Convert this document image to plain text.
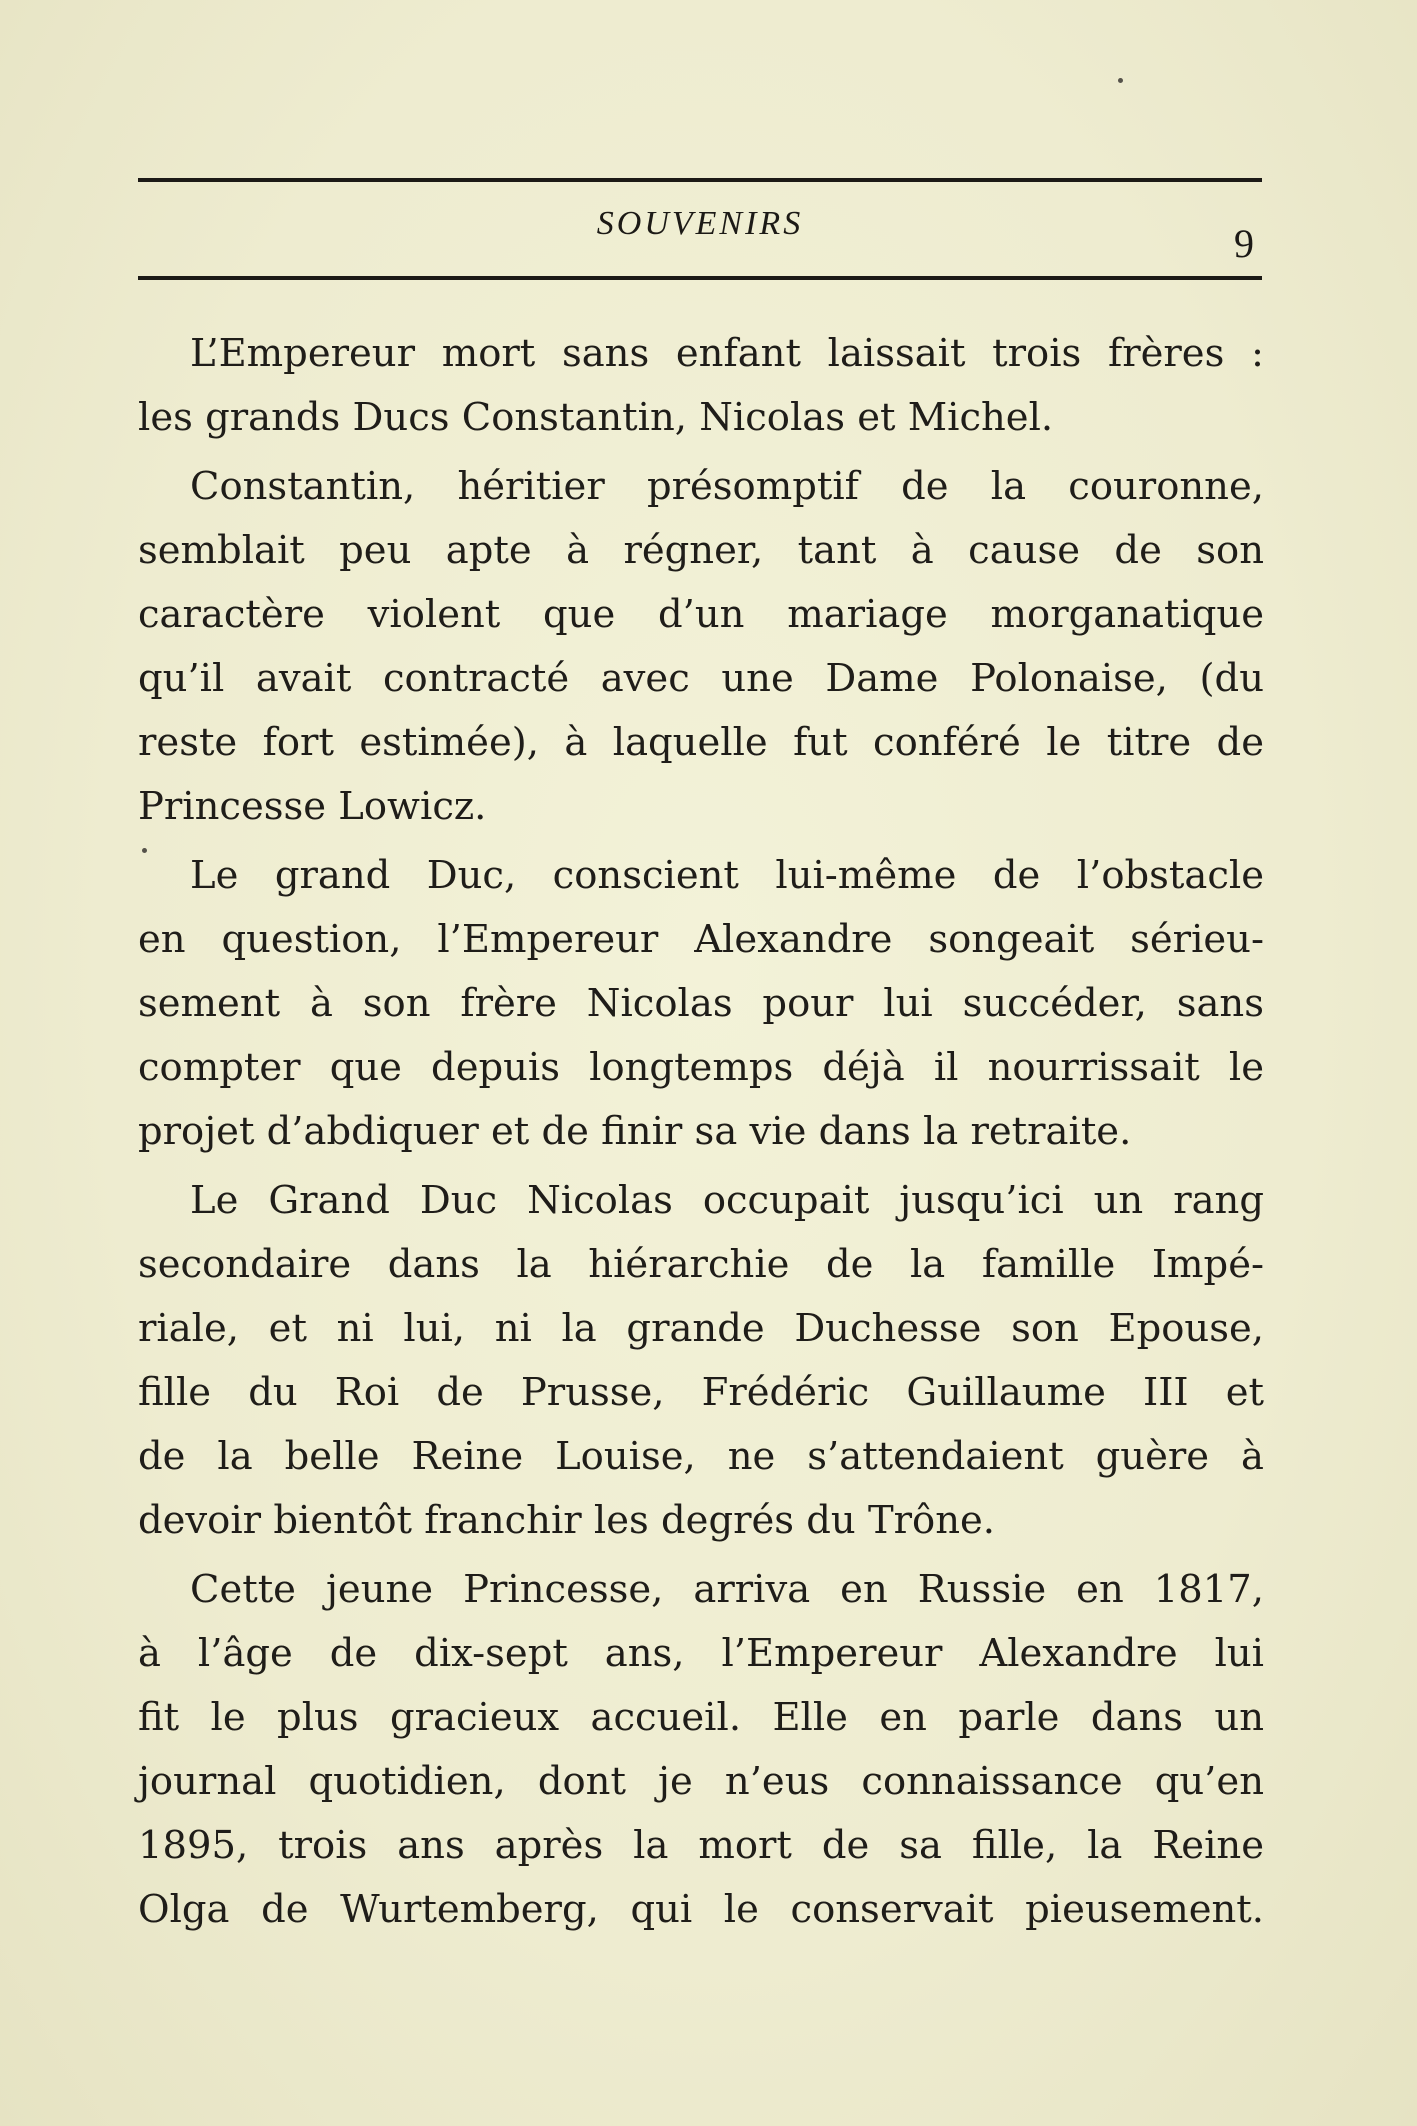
SOUVENIRS	9

L’Empereur mort sans enfant laissait trois frères :
les grands Ducs Constantin, Nicolas et Michel.

Constantin, héritier présomptif de la couronne,
semblait peu apte à régner, tant à cause de son
caractère violent que d’un mariage morganatique
qu’il avait contracté avec une Dame Polonaise, (du
reste fort estimée), à laquelle fut conféré le titre de
Princesse Lowicz.

Le grand Duc, conscient lui-même de l’obstacle
en question, l’Empereur Alexandre songeait sérieu-
sement à son frère Nicolas pour lui succéder, sans
compter que depuis longtemps déjà il nourrissait le
projet d’abdiquer et de finir sa vie dans la retraite.

Le Grand Duc Nicolas occupait jusqu’ici un rang
secondaire dans la hiérarchie de la famille Impé-
riale, et ni lui, ni la grande Duchesse son Epouse,
fille du Roi de Prusse, Frédéric Guillaume III et
de la belle Reine Louise, ne s’attendaient guère à
devoir bientôt franchir les degrés du Trône.

Cette jeune Princesse, arriva en Russie en 1817,
à l’âge de dix-sept ans, l’Empereur Alexandre lui
fit le plus gracieux accueil. Elle en parle dans un
journal quotidien, dont je n’eus connaissance qu’en
1895, trois ans après la mort de sa fille, la Reine
Olga de Wurtemberg, qui le conservait pieusement.
